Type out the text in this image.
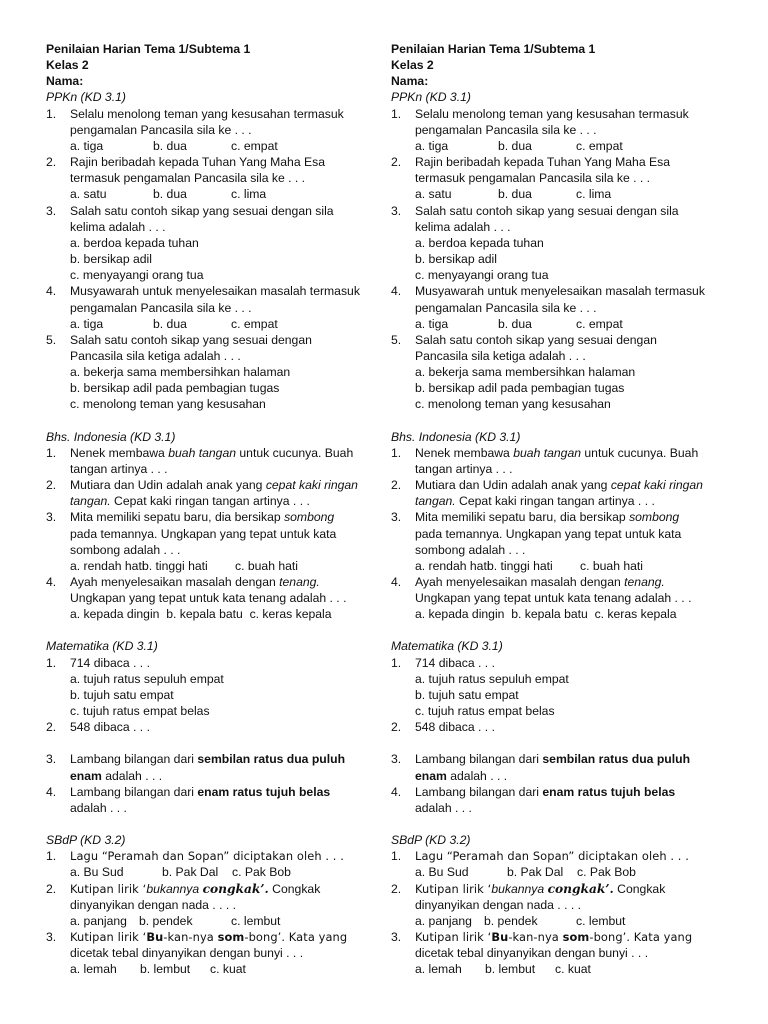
Penilaian Harian Tema 1/Subtema 1
Kelas 2
Nama:
PPKn (KD 3.1)
1.	Selalu menolong teman yang kesusahan termasuk
pengamalan Pancasila sila ke . . .
a. tiga	b. dua	c. empat
2.	Rajin beribadah kepada Tuhan Yang Maha Esa
termasuk pengamalan Pancasila sila ke . . .
a. satu	b. dua	c. lima
3.	Salah satu contoh sikap yang sesuai dengan sila
kelima adalah . . .
a. berdoa kepada tuhan
b. bersikap adil
c. menyayangi orang tua
4.	Musyawarah untuk menyelesaikan masalah termasuk
pengamalan Pancasila sila ke . . .
a. tiga	b. dua	c. empat
5.	Salah satu contoh sikap yang sesuai dengan
Pancasila sila ketiga adalah . . .
a. bekerja sama membersihkan halaman
b. bersikap adil pada pembagian tugas
c. menolong teman yang kesusahan
Bhs. Indonesia (KD 3.1)
1.	Nenek membawa buah tangan untuk cucunya. Buah
tangan artinya . . .
2.	Mutiara dan Udin adalah anak yang cepat kaki ringan
tangan. Cepat kaki ringan tangan artinya . . .
3.	Mita memiliki sepatu baru, dia bersikap sombong
pada temannya. Ungkapan yang tepat untuk kata
sombong adalah . . .
a. rendah hati
b. tinggi hati	c. buah hati
4.	Ayah menyelesaikan masalah dengan tenang.
Ungkapan yang tepat untuk kata tenang adalah . . .
a. kepada dingin  b. kepala batu  c. keras kepala
Matematika (KD 3.1)
1.	714 dibaca . . .
a. tujuh ratus sepuluh empat
b. tujuh satu empat
c. tujuh ratus empat belas
2.	548 dibaca . . .
3.	Lambang bilangan dari sembilan ratus dua puluh
enam adalah . . .
4.	Lambang bilangan dari enam ratus tujuh belas
adalah . . .
SBdP (KD 3.2)
1.	Lagu “Peramah dan Sopan” diciptakan oleh . . .
a. Bu Sud	b. Pak Dal	c. Pak Bob
2.	Kutipan lirik ‘bukannya congkak’. Congkak
dinyanyikan dengan nada . . . .
a. panjang b. pendek	c. lembut
3.	Kutipan lirik ‘Bu-kan-nya som-bong’. Kata yang
dicetak tebal dinyanyikan dengan bunyi . . .
a. lemah	b. lembut	c. kuat
Penilaian Harian Tema 1/Subtema 1
Kelas 2
Nama:
PPKn (KD 3.1)
1.	Selalu menolong teman yang kesusahan termasuk
pengamalan Pancasila sila ke . . .
a. tiga	b. dua	c. empat
2.	Rajin beribadah kepada Tuhan Yang Maha Esa
termasuk pengamalan Pancasila sila ke . . .
a. satu	b. dua	c. lima
3.	Salah satu contoh sikap yang sesuai dengan sila
kelima adalah . . .
a. berdoa kepada tuhan
b. bersikap adil
c. menyayangi orang tua
4.	Musyawarah untuk menyelesaikan masalah termasuk
pengamalan Pancasila sila ke . . .
a. tiga	b. dua	c. empat
5.	Salah satu contoh sikap yang sesuai dengan
Pancasila sila ketiga adalah . . .
a. bekerja sama membersihkan halaman
b. bersikap adil pada pembagian tugas
c. menolong teman yang kesusahan
Bhs. Indonesia (KD 3.1)
1.	Nenek membawa buah tangan untuk cucunya. Buah
tangan artinya . . .
2.	Mutiara dan Udin adalah anak yang cepat kaki ringan
tangan. Cepat kaki ringan tangan artinya . . .
3.	Mita memiliki sepatu baru, dia bersikap sombong
pada temannya. Ungkapan yang tepat untuk kata
sombong adalah . . .
a. rendah hati
b. tinggi hati	c. buah hati
4.	Ayah menyelesaikan masalah dengan tenang.
Ungkapan yang tepat untuk kata tenang adalah . . .
a. kepada dingin  b. kepala batu  c. keras kepala
Matematika (KD 3.1)
1.	714 dibaca . . .
a. tujuh ratus sepuluh empat
b. tujuh satu empat
c. tujuh ratus empat belas
2.	548 dibaca . . .
3.	Lambang bilangan dari sembilan ratus dua puluh
enam adalah . . .
4.	Lambang bilangan dari enam ratus tujuh belas
adalah . . .
SBdP (KD 3.2)
1.	Lagu “Peramah dan Sopan” diciptakan oleh . . .
a. Bu Sud	b. Pak Dal	c. Pak Bob
2.	Kutipan lirik ‘bukannya congkak’. Congkak
dinyanyikan dengan nada . . . .
a. panjang b. pendek	c. lembut
3.	Kutipan lirik ‘Bu-kan-nya som-bong’. Kata yang
dicetak tebal dinyanyikan dengan bunyi . . .
a. lemah	b. lembut	c. kuat
